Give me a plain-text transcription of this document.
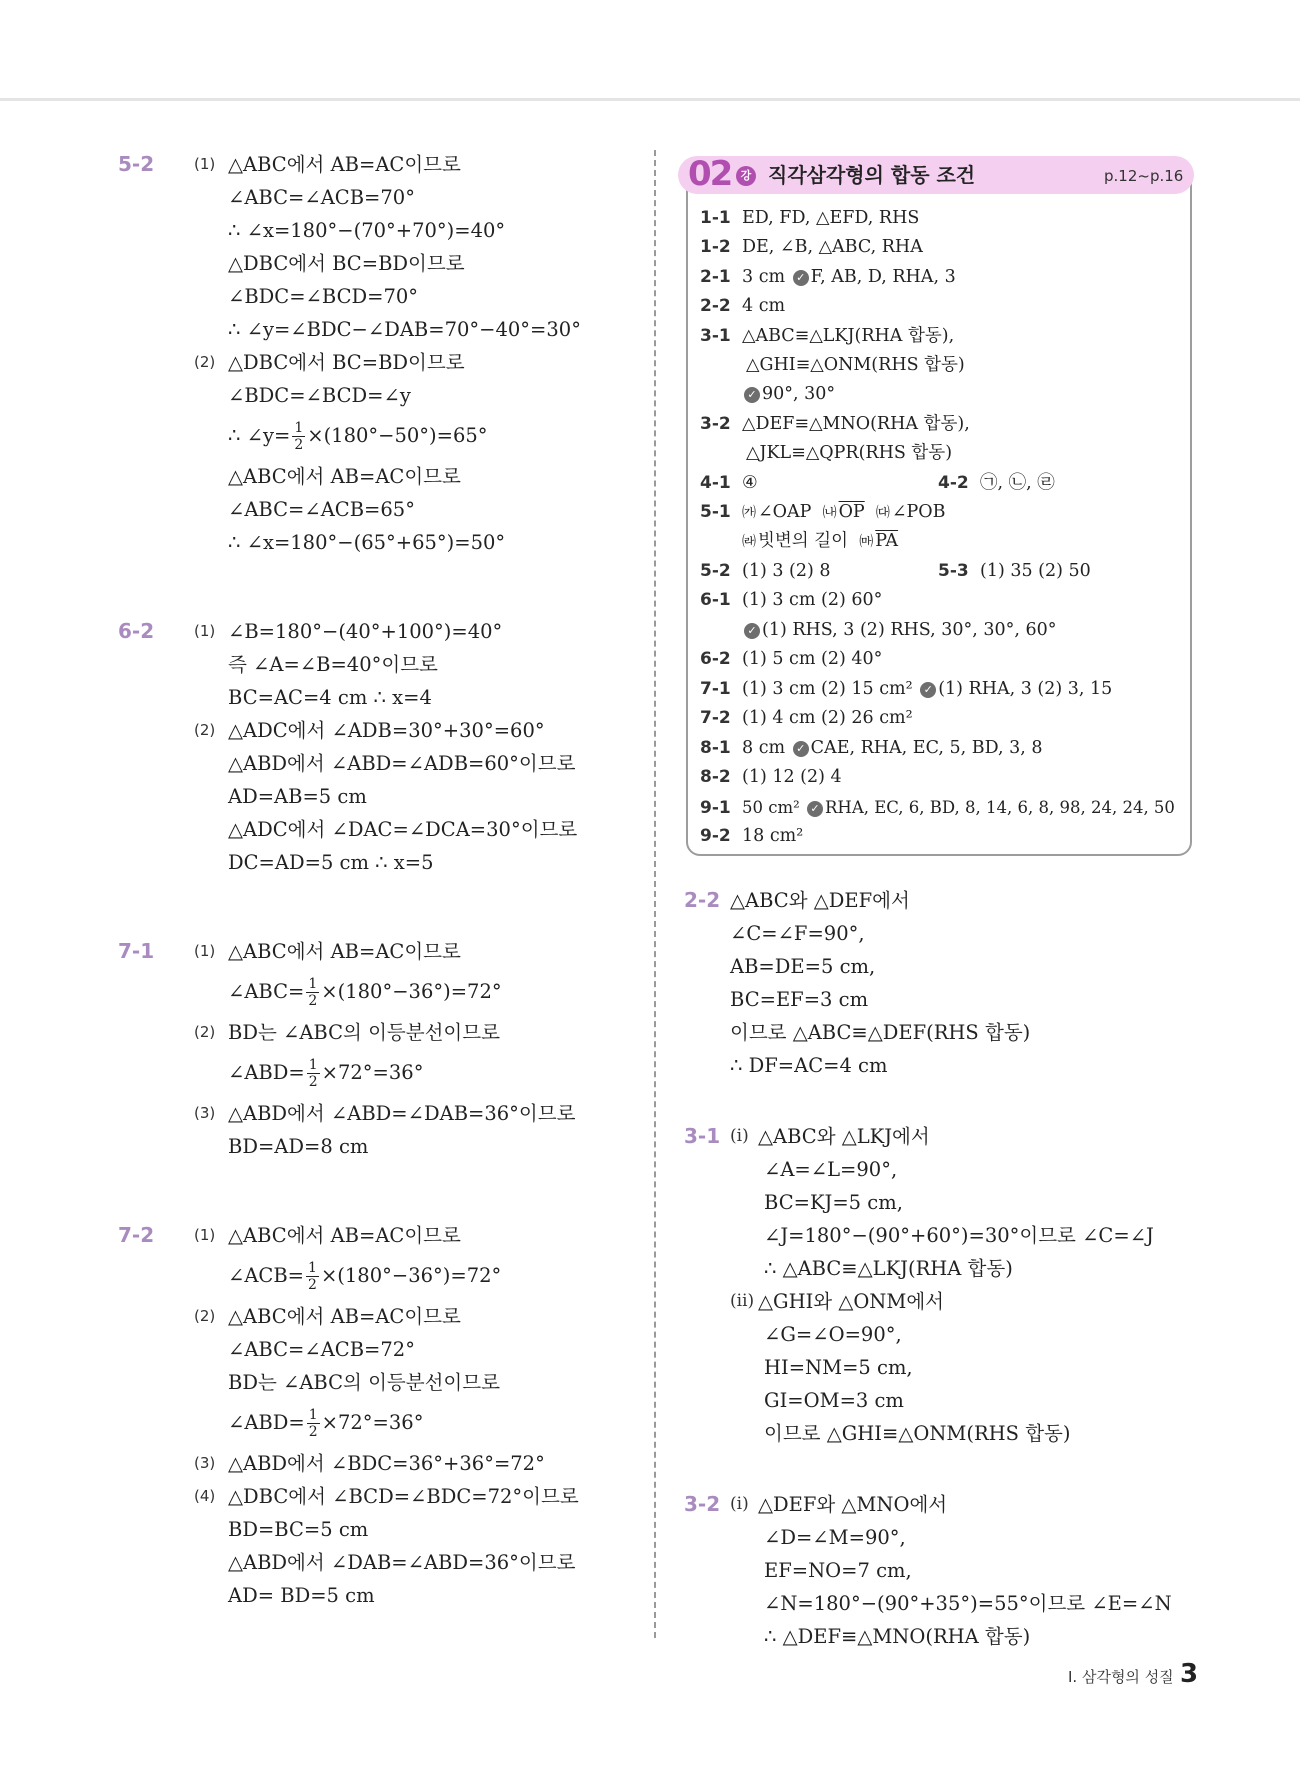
5-2	(1) △ABC에서 AB=AC이므로
∠ABC=∠ACB=70°
∴ ∠x=180°−(70°+70°)=40°
△DBC에서 BC=BD이므로
∠BDC=∠BCD=70°
∴ ∠y=∠BDC−∠DAB=70°−40°=30°
(2) △DBC에서 BC=BD이므로
∠BDC=∠BCD=∠y
∴ ∠y= $\frac{1}{2} \times(180^\circ-50^\circ)=65^\circ$
△ABC에서 AB=AC이므로
∠ABC=∠ACB=65°
∴ ∠x=180°−(65°+65°)=50°
6-2	(1) ∠B=180°−(40°+100°)=40°
즉 ∠A=∠B=40°이므로
BC=AC=4 cm ∴ x=4
(2) △ADC에서 ∠ADB=30°+30°=60°
△ABD에서 ∠ABD=∠ADB=60°이므로
AD=AB=5 cm
△ADC에서 ∠DAC=∠DCA=30°이므로
DC=AD=5 cm ∴ x=5
7-1	(1) △ABC에서 AB=AC이므로
∠ABC= $\frac{1}{2} \times(180^\circ-36^\circ)=72^\circ$
(2) BD는 ∠ABC의 이등분선이므로
∠ABD= $\frac{1}{2} \times 72^\circ=36^\circ$
(3) △ABD에서 ∠ABD=∠DAB=36°이므로
BD=AD=8 cm
7-2	(1) △ABC에서 AB=AC이므로
∠ACB= $\frac{1}{2} \times(180^\circ-36^\circ)=72^\circ$
(2) △ABC에서 AB=AC이므로
∠ABC=∠ACB=72°
BD는 ∠ABC의 이등분선이므로
∠ABD= $\frac{1}{2} \times 72^\circ=36^\circ$
(3) △ABD에서 ∠BDC=36°+36°=72°
(4) △DBC에서 ∠BCD=∠BDC=72°이므로
BD=BC=5 cm
△ABD에서 ∠DAB=∠ABD=36°이므로
AD= BD=5 cm
02 강 직각삼각형의 합동 조건	p.12~p.16
1-1 ED, FD, △EFD, RHS
1-2 DE, ∠B, △ABC, RHA
2-1 3 cm ✓ F, AB, D, RHA, 3
2-2 4 cm
3-1 △ABC≡△LKJ(RHA 합동),
△GHI≡△ONM(RHS 합동)
✓ 90°, 30°
3-2 △DEF≡△MNO(RHA 합동),
△JKL≡△QPR(RHS 합동)
4-1 ④	4-2 ㉠, ㉡, ㉣
5-1 ㈎ ∠OAP ㈏ $\overline{OP}$ ㈐ ∠POB
㈑ 빗변의 길이 ㈒ $\overline{PA}$
5-2 (1) 3 (2) 8	5-3 (1) 35 (2) 50
6-1 (1) 3 cm (2) 60°
✓ (1) RHS, 3 (2) RHS, 30°, 30°, 60°
6-2 (1) 5 cm (2) 40°
7-1 (1) 3 cm (2) 15 cm² ✓ (1) RHA, 3 (2) 3, 15
7-2 (1) 4 cm (2) 26 cm²
8-1 8 cm ✓ CAE, RHA, EC, 5, BD, 3, 8
8-2 (1) 12 (2) 4
9-1 50 cm² ✓ RHA, EC, 6, BD, 8, 14, 6, 8, 98, 24, 24, 50
9-2 18 cm²
2-2 △ABC와 △DEF에서
∠C=∠F=90°,
AB=DE=5 cm,
BC=EF=3 cm
이므로 △ABC≡△DEF(RHS 합동)
∴ DF=AC=4 cm
3-1 (ⅰ) △ABC와 △LKJ에서
∠A=∠L=90°,
BC=KJ=5 cm,
∠J=180°−(90°+60°)=30°이므로 ∠C=∠J
∴ △ABC≡△LKJ(RHA 합동)
(ⅱ) △GHI와 △ONM에서
∠G=∠O=90°,
HI=NM=5 cm,
GI=OM=3 cm
이므로 △GHI≡△ONM(RHS 합동)
3-2 (ⅰ) △DEF와 △MNO에서
∠D=∠M=90°,
EF=NO=7 cm,
∠N=180°−(90°+35°)=55°이므로 ∠E=∠N
∴ △DEF≡△MNO(RHA 합동)
Ⅰ. 삼각형의 성질 3
